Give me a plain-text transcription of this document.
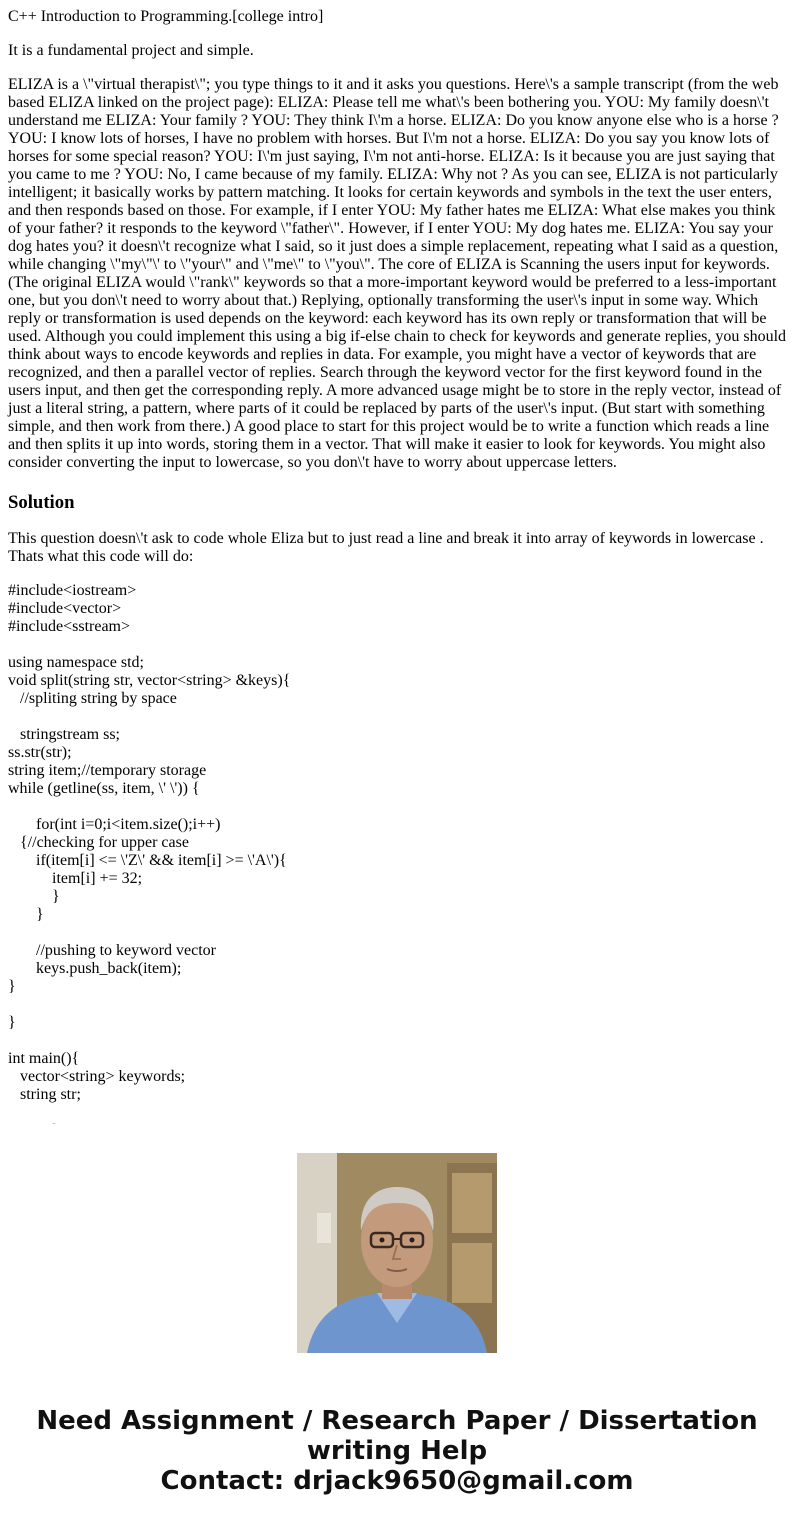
C++ Introduction to Programming.[college intro]

It is a fundamental project and simple.

ELIZA is a \"virtual therapist\"; you type things to it and it asks you questions. Here\'s a sample transcript (from the web based ELIZA linked on the project page): ELIZA: Please tell me what\'s been bothering you. YOU: My family doesn\'t understand me ELIZA: Your family ? YOU: They think I\'m a horse. ELIZA: Do you know anyone else who is a horse ? YOU: I know lots of horses, I have no problem with horses. But I\'m not a horse. ELIZA: Do you say you know lots of horses for some special reason? YOU: I\'m just saying, I\'m not anti-horse. ELIZA: Is it because you are just saying that you came to me ? YOU: No, I came because of my family. ELIZA: Why not ? As you can see, ELIZA is not particularly intelligent; it basically works by pattern matching. It looks for certain keywords and symbols in the text the user enters, and then responds based on those. For example, if I enter YOU: My father hates me ELIZA: What else makes you think of your father? it responds to the keyword \"father\". However, if I enter YOU: My dog hates me. ELIZA: You say your dog hates you? it doesn\'t recognize what I said, so it just does a simple replacement, repeating what I said as a question, while changing \"my\"\' to \"your\" and \"me\" to \"you\". The core of ELIZA is Scanning the users input for keywords. (The original ELIZA would \"rank\" keywords so that a more-important keyword would be preferred to a less-important one, but you don\'t need to worry about that.) Replying, optionally transforming the user\'s input in some way. Which reply or transformation is used depends on the keyword: each keyword has its own reply or transformation that will be used. Although you could implement this using a big if-else chain to check for keywords and generate replies, you should think about ways to encode keywords and replies in data. For example, you might have a vector of keywords that are recognized, and then a parallel vector of replies. Search through the keyword vector for the first keyword found in the users input, and then get the corresponding reply. A more advanced usage might be to store in the reply vector, instead of just a literal string, a pattern, where parts of it could be replaced by parts of the user\'s input. (But start with something simple, and then work from there.) A good place to start for this project would be to write a function which reads a line and then splits it up into words, storing them in a vector. That will make it easier to look for keywords. You might also consider converting the input to lowercase, so you don\'t have to worry about uppercase letters.

Solution

This question doesn\'t ask to code whole Eliza but to just read a line and break it into array of keywords in lowercase . Thats what this code will do:

#include<iostream>
#include<vector>
#include<sstream>

using namespace std;
void split(string str, vector<string> &keys){
//spliting string by space

stringstream ss;
ss.str(str);
string item;//temporary storage
while (getline(ss, item, \' \')) {

for(int i=0;i<item.size();i++)
{//checking for upper case
if(item[i] <= \'Z\' && item[i] >= \'A\'){
item[i] += 32;
}
}

//pushing to keyword vector
keys.push_back(item);
}

}

int main(){
vector<string> keywords;
string str;

Need Assignment / Research Paper / Dissertation
writing Help
Contact: drjack9650@gmail.com
